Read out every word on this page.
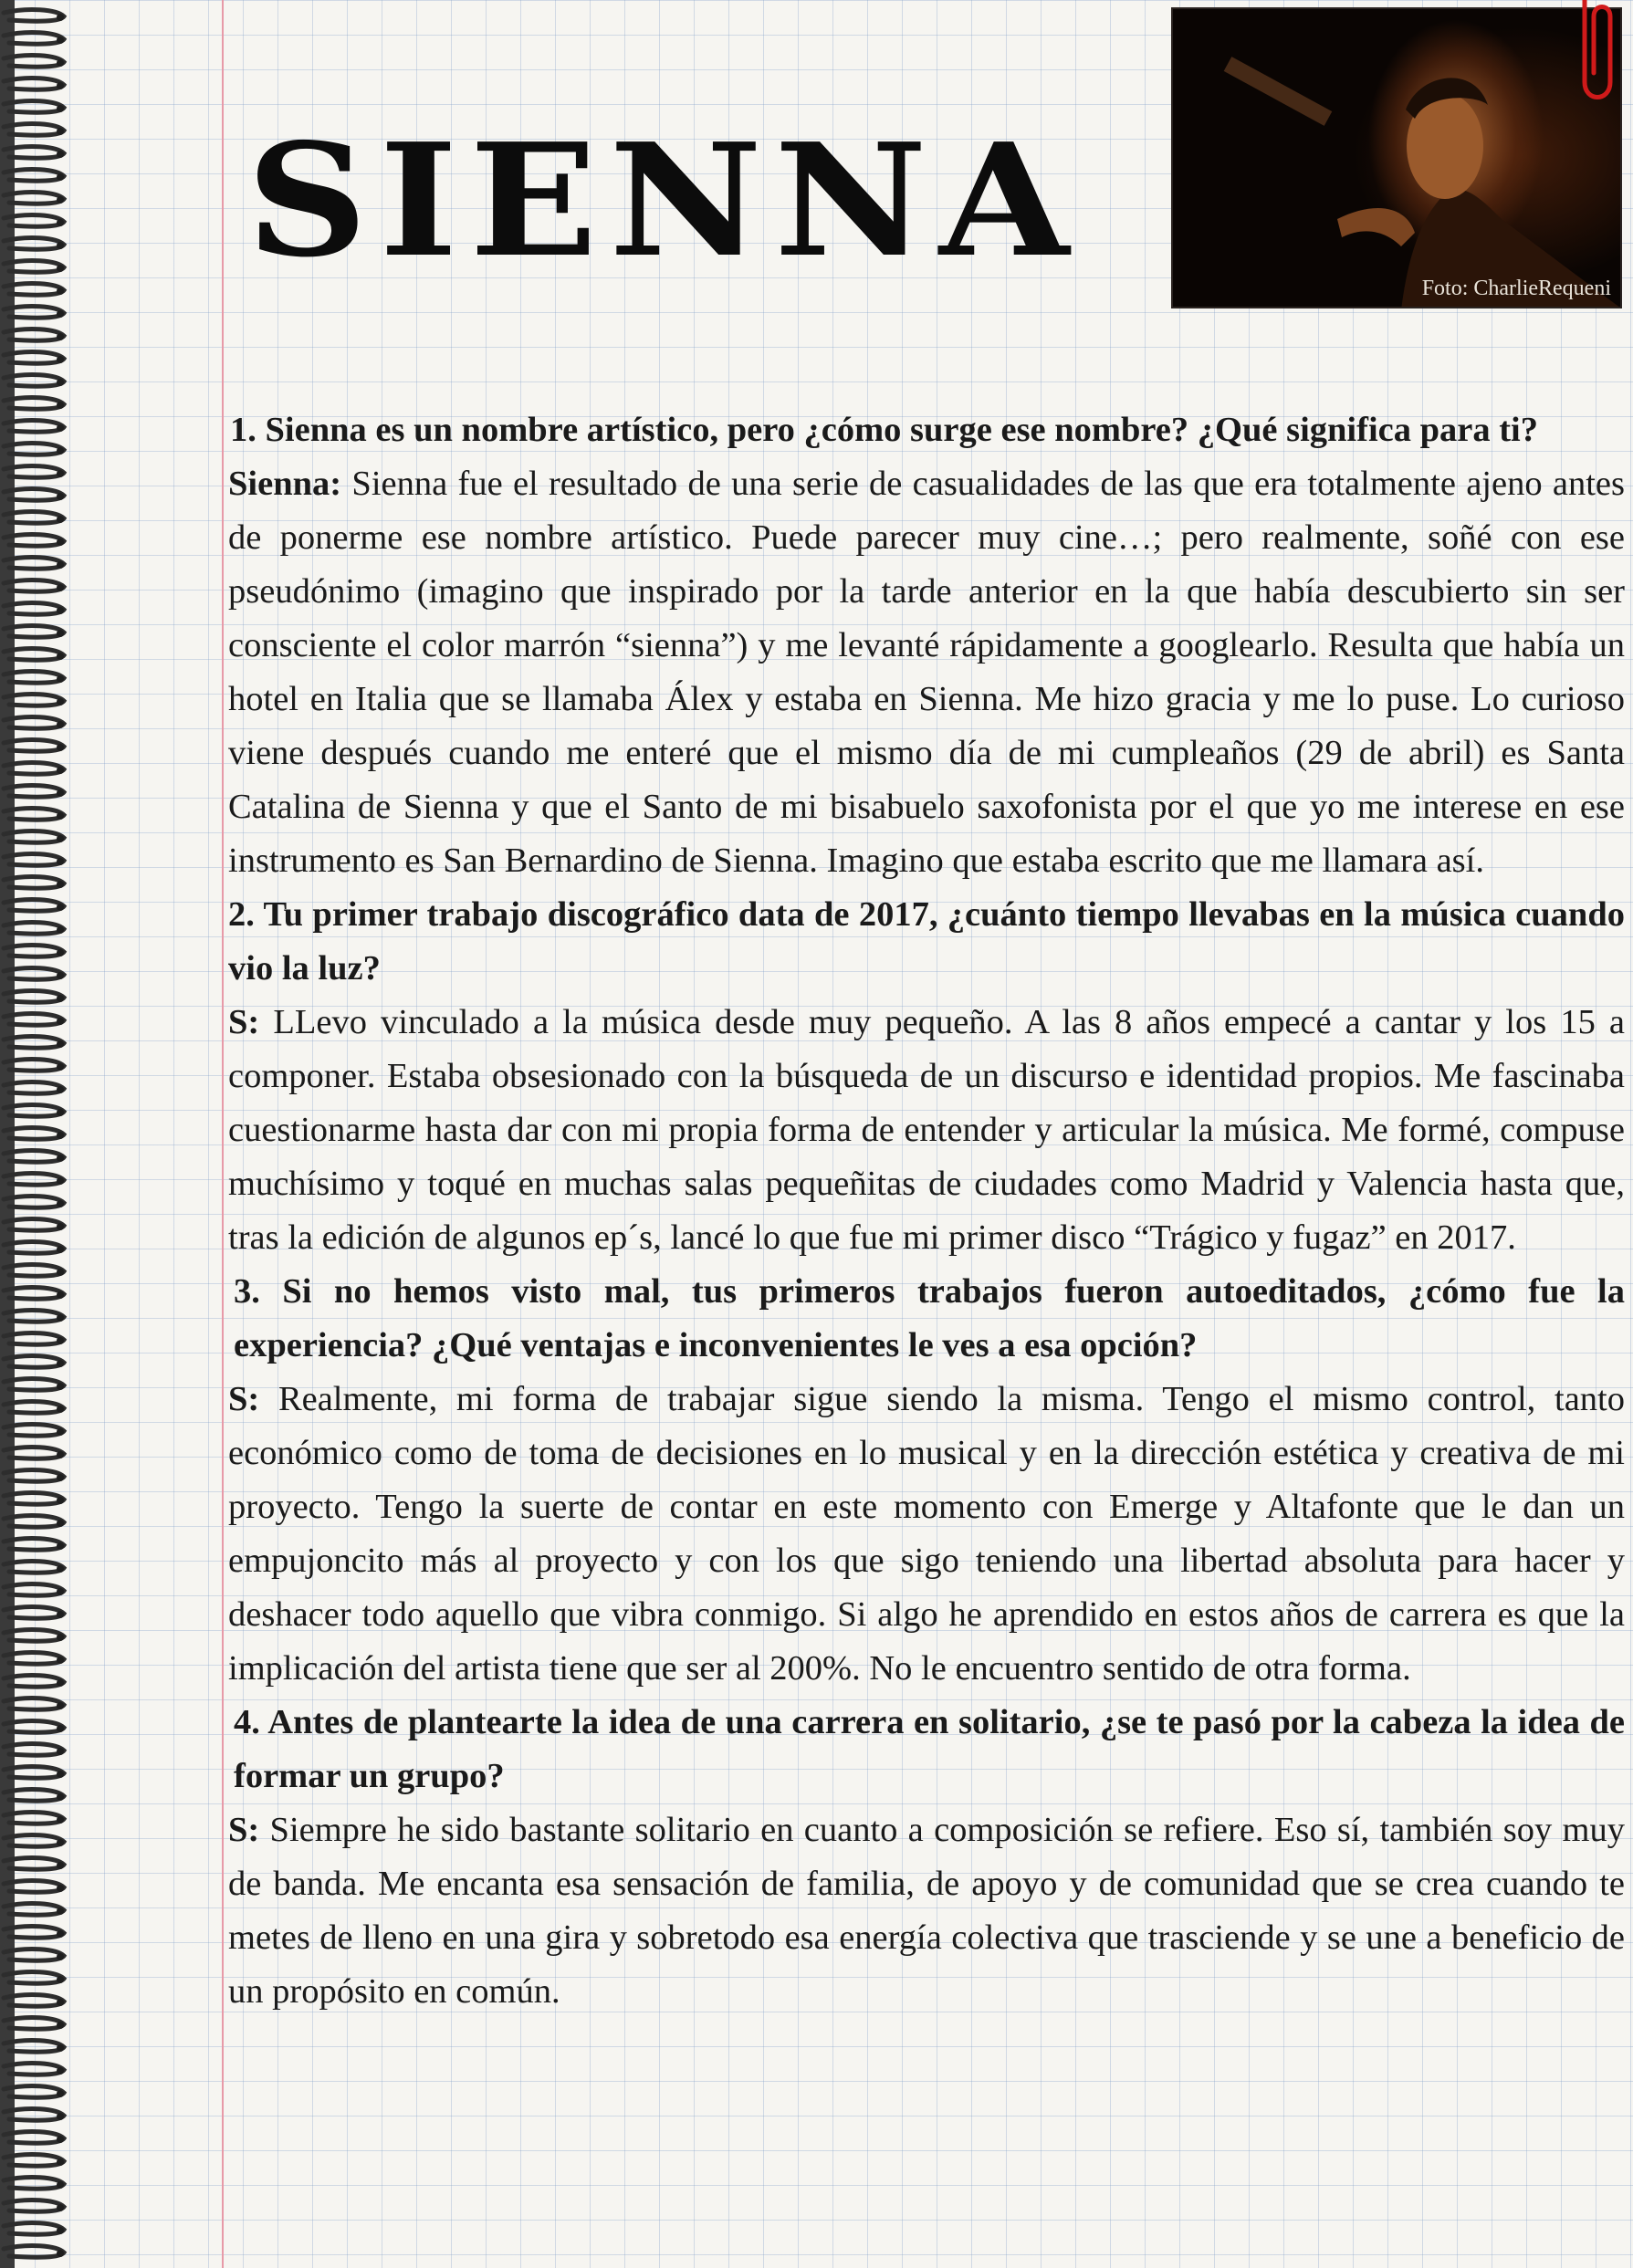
SIENNA	Foto: CharlieRequeni

1. Sienna es un nombre artístico, pero ¿cómo surge ese nombre? ¿Qué significa para ti?

Sienna: Sienna fue el resultado de una serie de casualidades de las que era totalmente ajeno antes de ponerme ese nombre artístico. Puede parecer muy cine…; pero realmente, soñé con ese pseudónimo (imagino que inspirado por la tarde anterior en la que había descubierto sin ser consciente el color marrón “sienna”) y me levanté rápidamente a googlearlo. Resulta que había un hotel en Italia que se llamaba Álex y estaba en Sienna. Me hizo gracia y me lo puse. Lo curioso viene después cuando me enteré que el mismo día de mi cumpleaños (29 de abril) es Santa Catalina de Sienna y que el Santo de mi bisabuelo saxofonista por el que yo me interese en ese instrumento es San Bernardino de Sienna. Imagino que estaba escrito que me llamara así.

2. Tu primer trabajo discográfico data de 2017, ¿cuánto tiempo llevabas en la música cuando vio la luz?

S: LLevo vinculado a la música desde muy pequeño. A las 8 años empecé a cantar y los 15 a componer. Estaba obsesionado con la búsqueda de un discurso e identidad propios. Me fascinaba cuestionarme hasta dar con mi propia forma de entender y articular la música. Me formé, compuse muchísimo y toqué en muchas salas pequeñitas de ciudades como Madrid y Valencia hasta que, tras la edición de algunos ep´s, lancé lo que fue mi primer disco “Trágico y fugaz” en 2017.

3. Si no hemos visto mal, tus primeros trabajos fueron autoeditados, ¿cómo fue la experiencia? ¿Qué ventajas e inconvenientes le ves a esa opción?

S: Realmente, mi forma de trabajar sigue siendo la misma. Tengo el mismo control, tanto económico como de toma de decisiones en lo musical y en la dirección estética y creativa de mi proyecto. Tengo la suerte de contar en este momento con Emerge y Altafonte que le dan un empujoncito más al proyecto y con los que sigo teniendo una libertad absoluta para hacer y deshacer todo aquello que vibra conmigo. Si algo he aprendido en estos años de carrera es que la implicación del artista tiene que ser al 200%. No le encuentro sentido de otra forma.

4. Antes de plantearte la idea de una carrera en solitario, ¿se te pasó por la cabeza la idea de formar un grupo?

S: Siempre he sido bastante solitario en cuanto a composición se refiere. Eso sí, también soy muy de banda. Me encanta esa sensación de familia, de apoyo y de comunidad que se crea cuando te metes de lleno en una gira y sobretodo esa energía colectiva que trasciende y se une a beneficio de un propósito en común.
